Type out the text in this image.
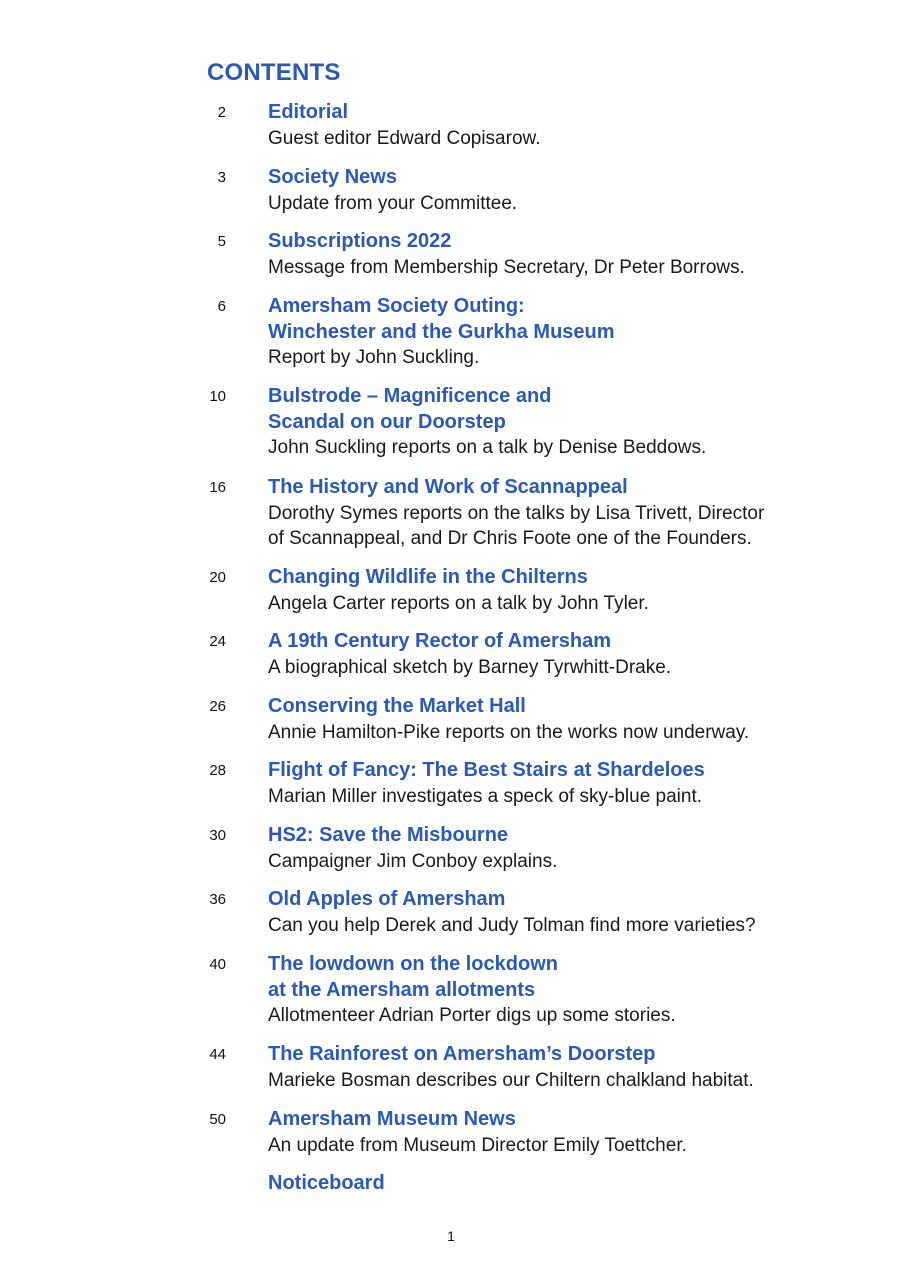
CONTENTS
2 Editorial
Guest editor Edward Copisarow.
3 Society News
Update from your Committee.
5 Subscriptions 2022
Message from Membership Secretary, Dr Peter Borrows.
6 Amersham Society Outing:
Winchester and the Gurkha Museum
Report by John Suckling.
10 Bulstrode – Magnificence and
Scandal on our Doorstep
John Suckling reports on a talk by Denise Beddows.
16 The History and Work of Scannappeal
Dorothy Symes reports on the talks by Lisa Trivett, Director
of Scannappeal, and Dr Chris Foote one of the Founders.
20 Changing Wildlife in the Chilterns
Angela Carter reports on a talk by John Tyler.
24 A 19th Century Rector of Amersham
A biographical sketch by Barney Tyrwhitt-Drake.
26 Conserving the Market Hall
Annie Hamilton-Pike reports on the works now underway.
28 Flight of Fancy: The Best Stairs at Shardeloes
Marian Miller investigates a speck of sky-blue paint.
30 HS2: Save the Misbourne
Campaigner Jim Conboy explains.
36 Old Apples of Amersham
Can you help Derek and Judy Tolman find more varieties?
40 The lowdown on the lockdown
at the Amersham allotments
Allotmenteer Adrian Porter digs up some stories.
44 The Rainforest on Amersham’s Doorstep
Marieke Bosman describes our Chiltern chalkland habitat.
50 Amersham Museum News
An update from Museum Director Emily Toettcher.
Noticeboard
1
